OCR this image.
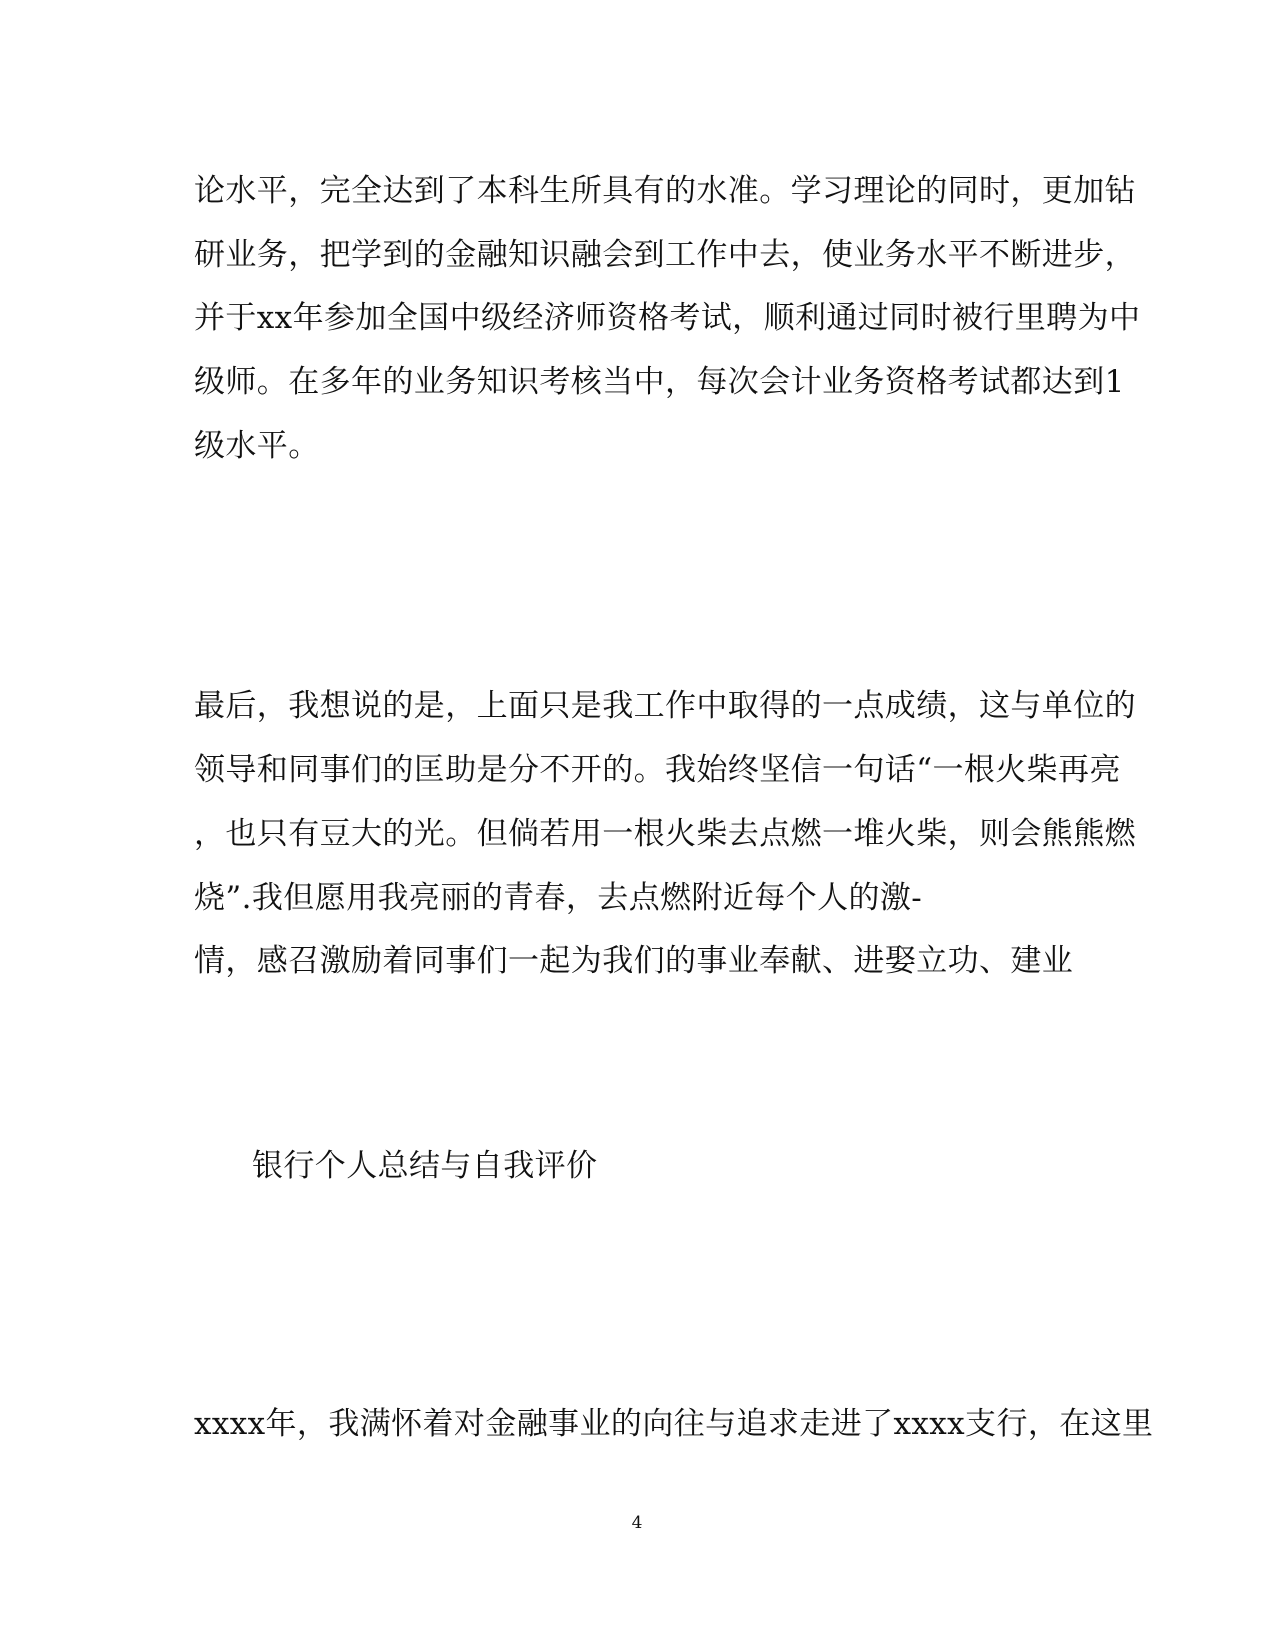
论水平，完全达到了本科生所具有的水准。学习理论的同时，更加钻
研业务，把学到的金融知识融会到工作中去，使业务水平不断进步，
并于xx年参加全国中级经济师资格考试，顺利通过同时被行里聘为中
级师。在多年的业务知识考核当中，每次会计业务资格考试都达到1
级水平。
最后，我想说的是，上面只是我工作中取得的一点成绩，这与单位的
领导和同事们的匡助是分不开的。我始终坚信一句话“一根火柴再亮
，也只有豆大的光。但倘若用一根火柴去点燃一堆火柴，则会熊熊燃
烧”.我但愿用我亮丽的青春，去点燃附近每个人的激-
情，感召激励着同事们一起为我们的事业奉献、进娶立功、建业
银行个人总结与自我评价
xxxx年，我满怀着对金融事业的向往与追求走进了xxxx支行，在这里
4
